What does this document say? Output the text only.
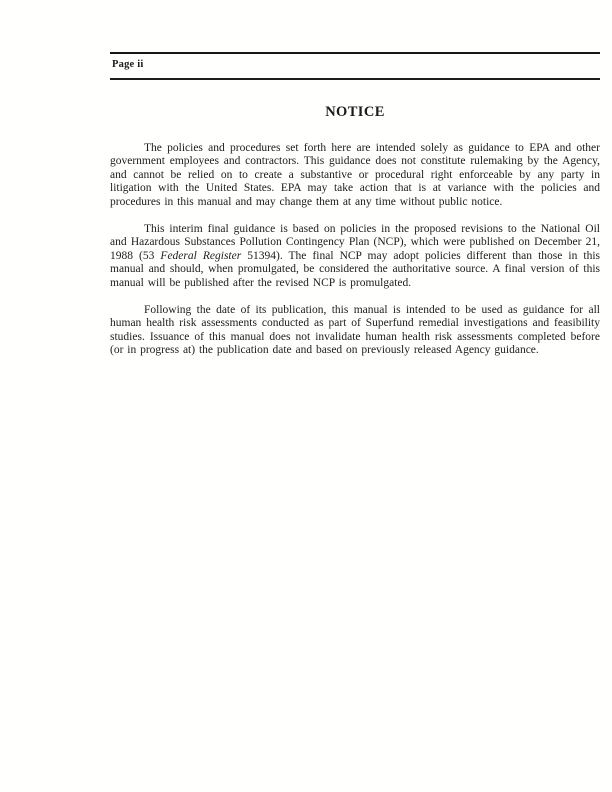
Page ii
NOTICE

The policies and procedures set forth here are intended solely as guidance to EPA and other government employees and contractors. This guidance does not constitute rulemaking by the Agency, and cannot be relied on to create a substantive or procedural right enforceable by any party in litigation with the United States. EPA may take action that is at variance with the policies and procedures in this manual and may change them at any time without public notice.

This interim final guidance is based on policies in the proposed revisions to the National Oil and Hazardous Substances Pollution Contingency Plan (NCP), which were published on December 21, 1988 (53 Federal Register 51394). The final NCP may adopt policies different than those in this manual and should, when promulgated, be considered the authoritative source. A final version of this manual will be published after the revised NCP is promulgated.

Following the date of its publication, this manual is intended to be used as guidance for all human health risk assessments conducted as part of Superfund remedial investigations and feasibility studies. Issuance of this manual does not invalidate human health risk assessments completed before (or in progress at) the publication date and based on previously released Agency guidance.
